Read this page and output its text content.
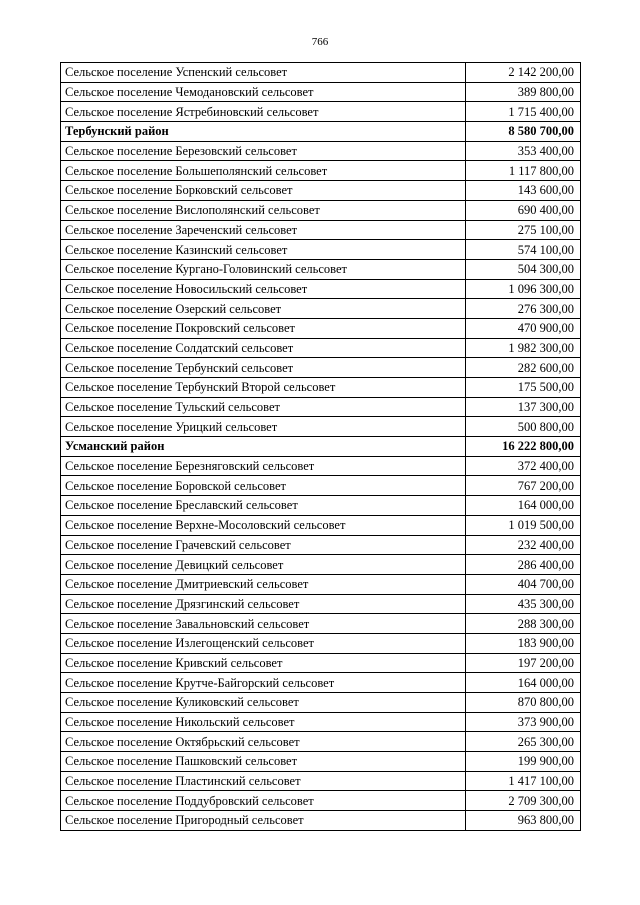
766
Сельское поселение Успенский сельсовет	2 142 200,00
Сельское поселение Чемодановский сельсовет	389 800,00
Сельское поселение Ястребиновский сельсовет	1 715 400,00
Тербунский район	8 580 700,00
Сельское поселение Березовский сельсовет	353 400,00
Сельское поселение Большеполянский сельсовет	1 117 800,00
Сельское поселение Борковский сельсовет	143 600,00
Сельское поселение Вислополянский сельсовет	690 400,00
Сельское поселение Зареченский сельсовет	275 100,00
Сельское поселение Казинский сельсовет	574 100,00
Сельское поселение Кургано-Головинский сельсовет	504 300,00
Сельское поселение Новосильский сельсовет	1 096 300,00
Сельское поселение Озерский сельсовет	276 300,00
Сельское поселение Покровский сельсовет	470 900,00
Сельское поселение Солдатский сельсовет	1 982 300,00
Сельское поселение Тербунский сельсовет	282 600,00
Сельское поселение Тербунский Второй сельсовет	175 500,00
Сельское поселение Тульский сельсовет	137 300,00
Сельское поселение Урицкий сельсовет	500 800,00
Усманский район	16 222 800,00
Сельское поселение Березняговский сельсовет	372 400,00
Сельское поселение Боровской сельсовет	767 200,00
Сельское поселение Бреславский сельсовет	164 000,00
Сельское поселение Верхне-Мосоловский сельсовет	1 019 500,00
Сельское поселение Грачевский сельсовет	232 400,00
Сельское поселение Девицкий сельсовет	286 400,00
Сельское поселение Дмитриевский сельсовет	404 700,00
Сельское поселение Дрязгинский сельсовет	435 300,00
Сельское поселение Завальновский сельсовет	288 300,00
Сельское поселение Излегощенский сельсовет	183 900,00
Сельское поселение Кривский сельсовет	197 200,00
Сельское поселение Крутче-Байгорский сельсовет	164 000,00
Сельское поселение Куликовский сельсовет	870 800,00
Сельское поселение Никольский сельсовет	373 900,00
Сельское поселение Октябрьский сельсовет	265 300,00
Сельское поселение Пашковский сельсовет	199 900,00
Сельское поселение Пластинский сельсовет	1 417 100,00
Сельское поселение Поддубровский сельсовет	2 709 300,00
Сельское поселение Пригородный сельсовет	963 800,00
